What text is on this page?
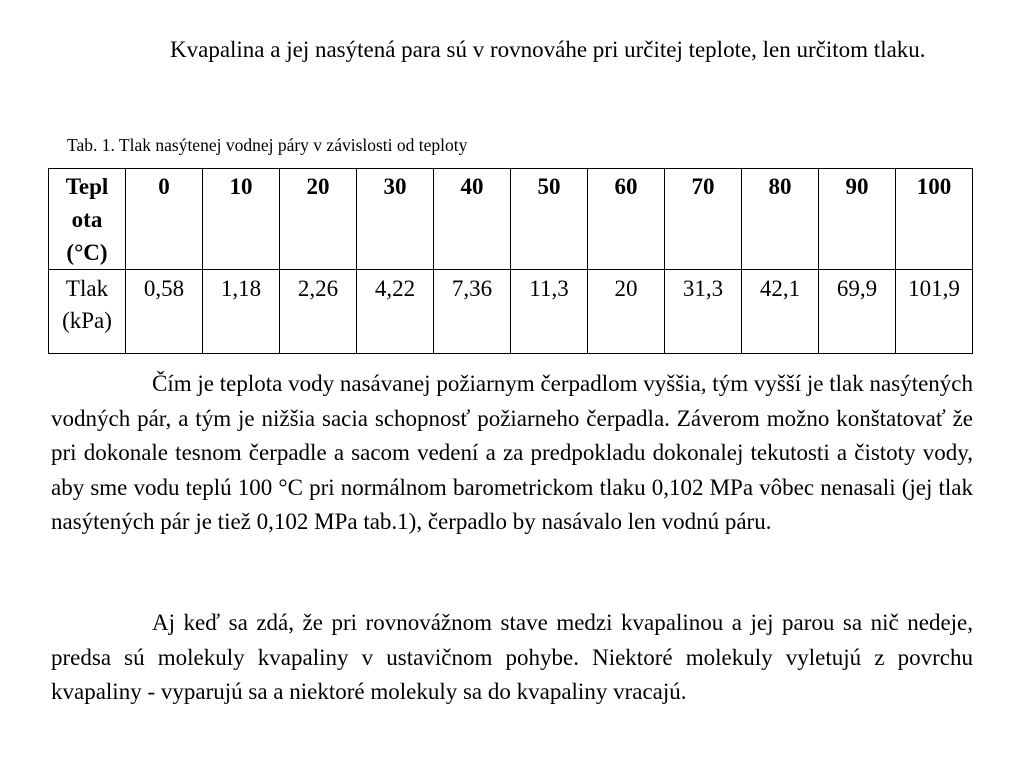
Kvapalina a jej nasýtená para sú v rovnováhe pri určitej teplote, len určitom tlaku.

Tab. 1. Tlak nasýtenej vodnej páry v závislosti od teploty

Tepl ota (°C)	0	10	20	30	40	50	60	70	80	90	100
Tlak (kPa)	0,58	1,18	2,26	4,22	7,36	11,3	20	31,3	42,1	69,9	101,9

Čím je teplota vody nasávanej požiarnym čerpadlom vyššia, tým vyšší je tlak nasýtených vodných pár, a tým je nižšia sacia schopnosť požiarneho čerpadla. Záverom možno konštatovať že pri dokonale tesnom čerpadle a sacom vedení a za predpokladu dokonalej tekutosti a čistoty vody, aby sme vodu teplú 100 °C pri normálnom barometrickom tlaku 0,102 MPa vôbec nenasali (jej tlak nasýtených pár je tiež 0,102 MPa tab.1), čerpadlo by nasávalo len vodnú páru.

Aj keď sa zdá, že pri rovnovážnom stave medzi kvapalinou a jej parou sa nič nedeje, predsa sú molekuly kvapaliny v ustavičnom pohybe. Niektoré molekuly vyletujú z povrchu kvapaliny - vyparujú sa a niektoré molekuly sa do kvapaliny vracajú.
